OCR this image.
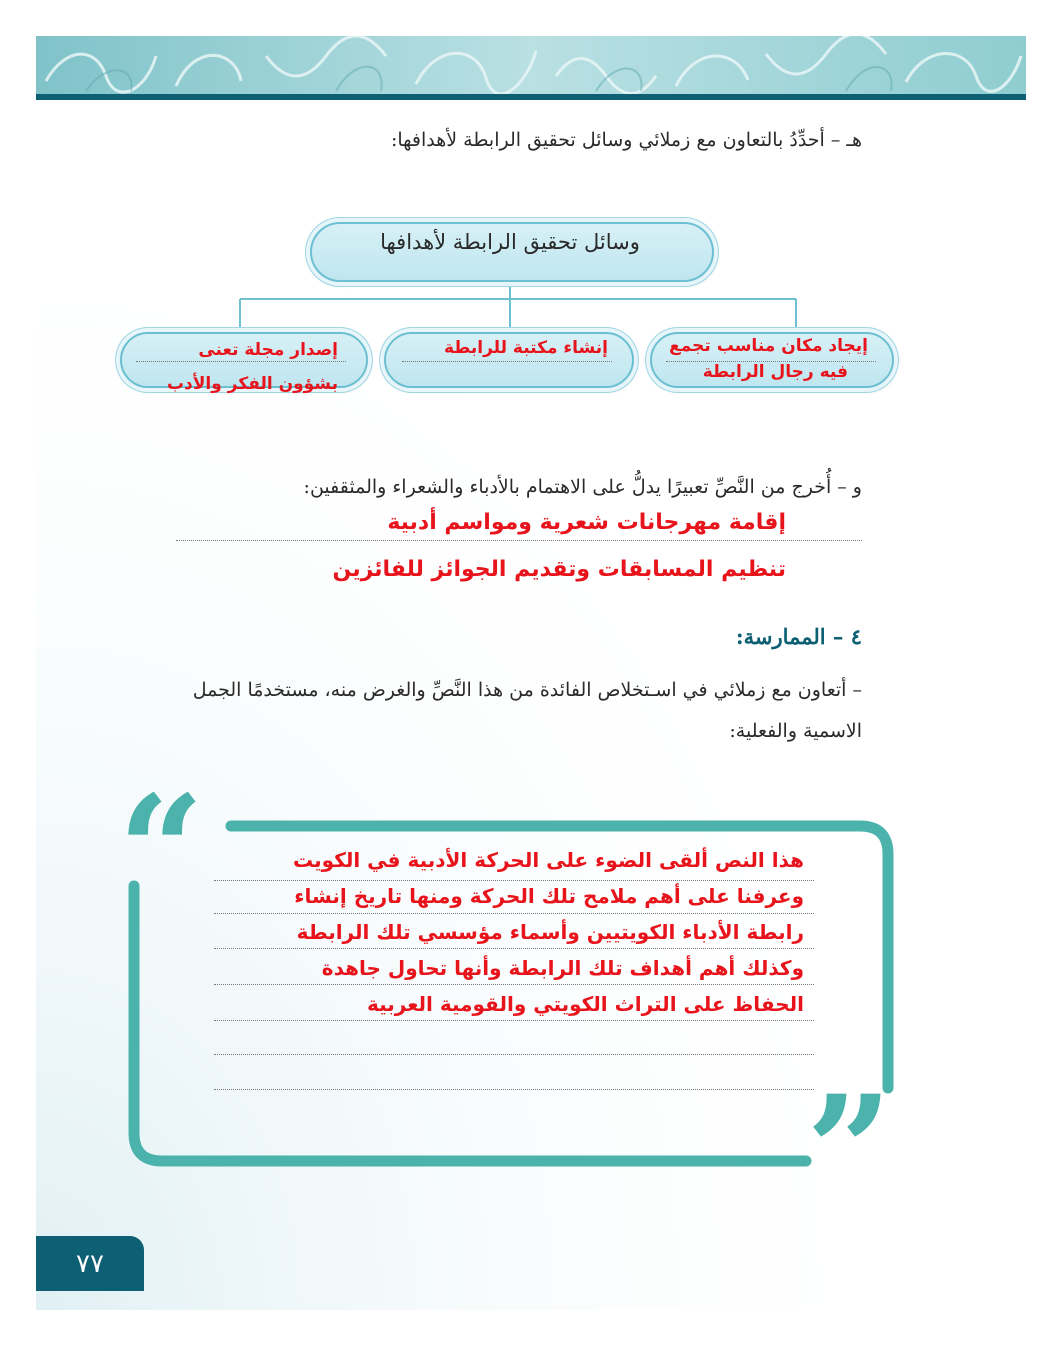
هـ – أحدِّدُ بالتعاون مع زملائي وسائل تحقيق الرابطة لأهدافها:
وسائل تحقيق الرابطة لأهدافها
إيجاد مكان مناسب تجمع
فيه رجال الرابطة
إنشاء مكتبة للرابطة
إصدار مجلة تعنى
بشؤون الفكر والأدب
و – أُخرج من النَّصِّ تعبيرًا يدلُّ على الاهتمام بالأدباء والشعراء والمثقفين:
إقامة مهرجانات شعرية ومواسم أدبية
تنظيم المسابقات وتقديم الجوائز للفائزين
٤ – الممارسة:
– أتعاون مع زملائي في اسـتخلاص الفائدة من هذا النَّصِّ والغرض منه، مستخدمًا الجمل
الاسمية والفعلية:
“
”
هذا النص ألقى الضوء على الحركة الأدبية في الكويت
وعرفنا على أهم ملامح تلك الحركة ومنها تاريخ إنشاء
رابطة الأدباء الكويتيين وأسماء مؤسسي تلك الرابطة
وكذلك أهم أهداف تلك الرابطة وأنها تحاول جاهدة
الحفاظ على التراث الكويتي والقومية العربية
٧٧
